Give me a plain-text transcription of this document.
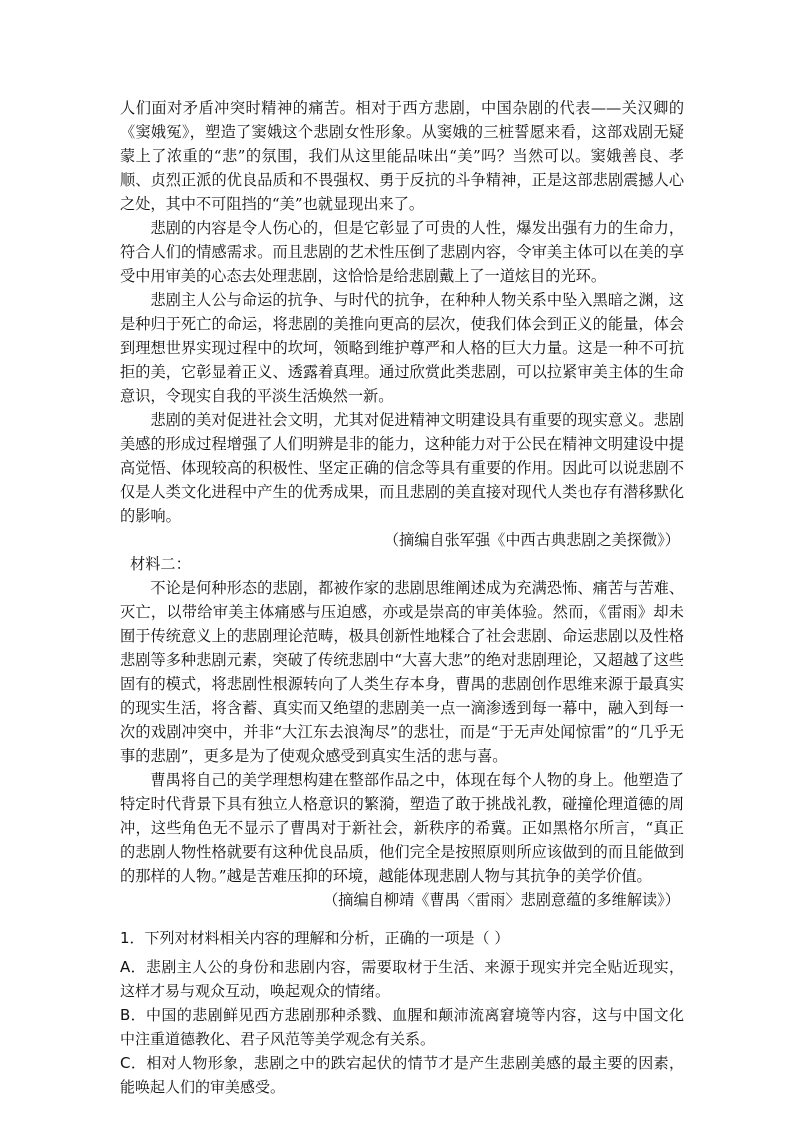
人们面对矛盾冲突时精神的痛苦。相对于西方悲剧，中国杂剧的代表——关汉卿的《窦娥冤》，塑造了窦娥这个悲剧女性形象。从窦娥的三桩誓愿来看，这部戏剧无疑蒙上了浓重的“悲”的氛围，我们从这里能品味出“美”吗？当然可以。窦娥善良、孝顺、贞烈正派的优良品质和不畏强权、勇于反抗的斗争精神，正是这部悲剧震撼人心之处，其中不可阻挡的“美”也就显现出来了。

悲剧的内容是令人伤心的，但是它彰显了可贵的人性，爆发出强有力的生命力，符合人们的情感需求。而且悲剧的艺术性压倒了悲剧内容，令审美主体可以在美的享受中用审美的心态去处理悲剧，这恰恰是给悲剧戴上了一道炫目的光环。

悲剧主人公与命运的抗争、与时代的抗争，在种种人物关系中坠入黑暗之渊，这是种归于死亡的命运，将悲剧的美推向更高的层次，使我们体会到正义的能量，体会到理想世界实现过程中的坎坷，领略到维护尊严和人格的巨大力量。这是一种不可抗拒的美，它彰显着正义、透露着真理。通过欣赏此类悲剧，可以拉紧审美主体的生命意识，令现实自我的平淡生活焕然一新。

悲剧的美对促进社会文明，尤其对促进精神文明建设具有重要的现实意义。悲剧美感的形成过程增强了人们明辨是非的能力，这种能力对于公民在精神文明建设中提高觉悟、体现较高的积极性、坚定正确的信念等具有重要的作用。因此可以说悲剧不仅是人类文化进程中产生的优秀成果，而且悲剧的美直接对现代人类也存有潜移默化的影响。

（摘编自张军强《中西古典悲剧之美探微》）

材料二：

不论是何种形态的悲剧，都被作家的悲剧思维阐述成为充满恐怖、痛苦与苦难、灭亡，以带给审美主体痛感与压迫感，亦或是崇高的审美体验。然而，《雷雨》却未囿于传统意义上的悲剧理论范畴，极具创新性地糅合了社会悲剧、命运悲剧以及性格悲剧等多种悲剧元素，突破了传统悲剧中“大喜大悲”的绝对悲剧理论，又超越了这些固有的模式，将悲剧性根源转向了人类生存本身，曹禺的悲剧创作思维来源于最真实的现实生活，将含蓄、真实而又绝望的悲剧美一点一滴渗透到每一幕中，融入到每一次的戏剧冲突中，并非“大江东去浪淘尽”的悲壮，而是“于无声处闻惊雷”的“几乎无事的悲剧”，更多是为了使观众感受到真实生活的悲与喜。

曹禺将自己的美学理想构建在整部作品之中，体现在每个人物的身上。他塑造了特定时代背景下具有独立人格意识的繁漪，塑造了敢于挑战礼教，碰撞伦理道德的周冲，这些角色无不显示了曹禺对于新社会，新秩序的希冀。正如黑格尔所言，“真正的悲剧人物性格就要有这种优良品质，他们完全是按照原则所应该做到的而且能做到的那样的人物。”越是苦难压抑的环境，越能体现悲剧人物与其抗争的美学价值。

（摘编自柳靖《曹禺〈雷雨〉悲剧意蕴的多维解读》）

1．下列对材料相关内容的理解和分析，正确的一项是（ ）

A．悲剧主人公的身份和悲剧内容，需要取材于生活、来源于现实并完全贴近现实，这样才易与观众互动，唤起观众的情绪。

B．中国的悲剧鲜见西方悲剧那种杀戮、血腥和颠沛流离窘境等内容，这与中国文化中注重道德教化、君子风范等美学观念有关系。

C．相对人物形象，悲剧之中的跌宕起伏的情节才是产生悲剧美感的最主要的因素，能唤起人们的审美感受。
